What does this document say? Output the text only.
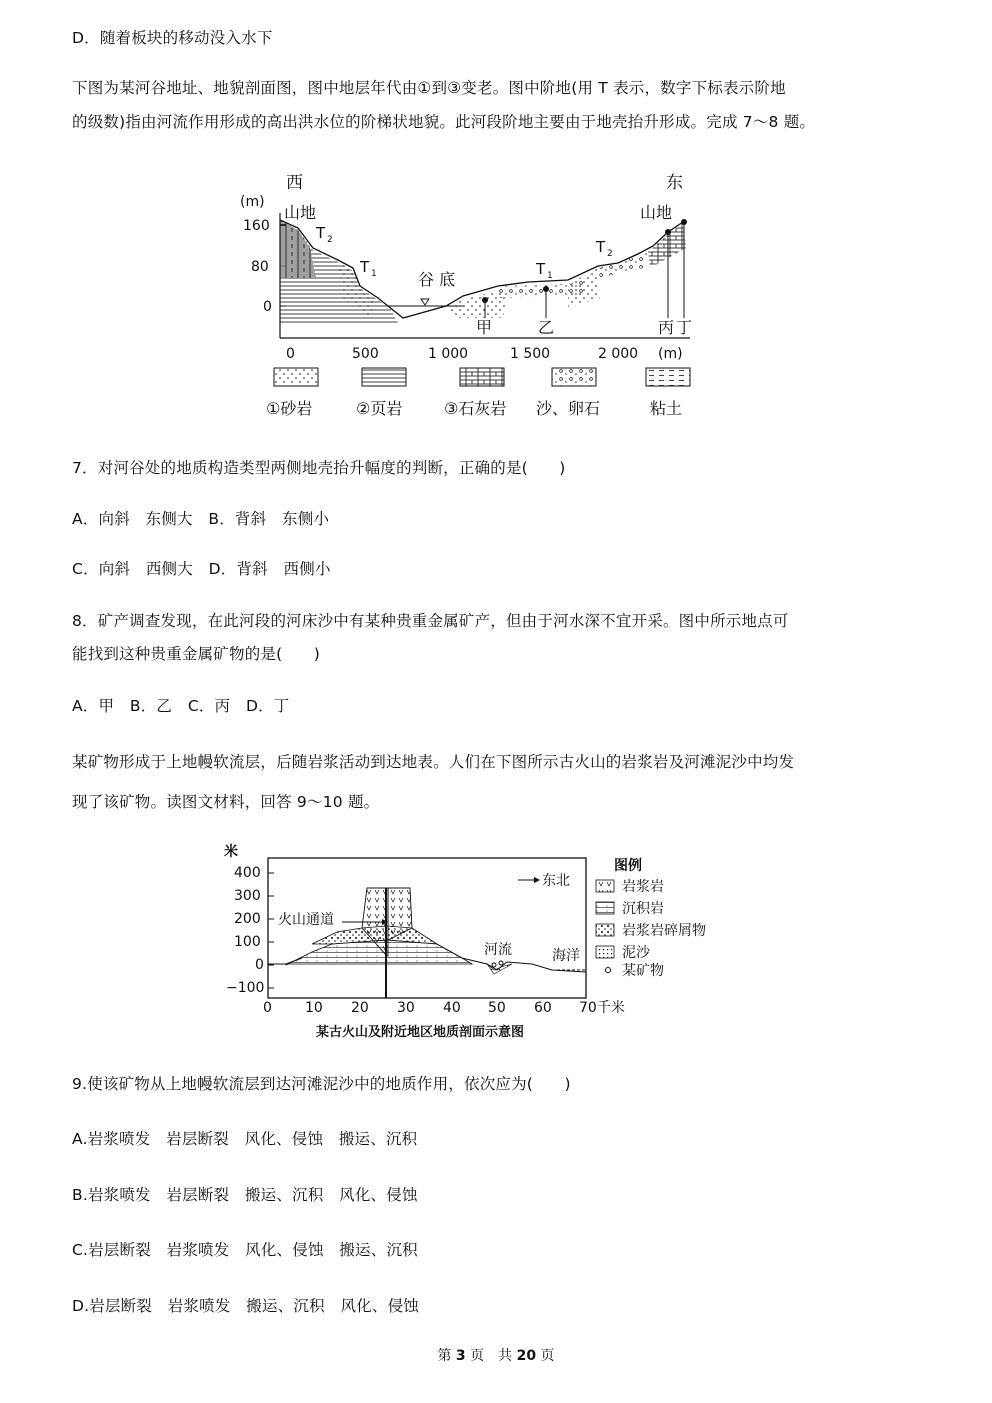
D．随着板块的移动没入水下
下图为某河谷地址、地貌剖面图，图中地层年代由①到③变老。图中阶地(用 T 表示，数字下标表示阶地
的级数)指由河流作用形成的高出洪水位的阶梯状地貌。此河段阶地主要由于地壳抬升形成。完成 7～8 题。
西	东
(m)
山地	山地
160
80
0
T 2
T 1	T 1
T 2
谷 底
甲	乙	丙 丁
0	500	1 000	1 500	2 000 (m)
①砂岩	②页岩	③石灰岩 沙、卵石	粘土
7．对河谷处的地质构造类型两侧地壳抬升幅度的判断，正确的是(　　)
A．向斜　东侧大　B．背斜　东侧小
C．向斜　西侧大　D．背斜　西侧小
8．矿产调查发现，在此河段的河床沙中有某种贵重金属矿产，但由于河水深不宜开采。图中所示地点可
能找到这种贵重金属矿物的是(　　)
A．甲　B．乙　C．丙　D．丁
某矿物形成于上地幔软流层，后随岩浆活动到达地表。人们在下图所示古火山的岩浆岩及河滩泥沙中均发
现了该矿物。读图文材料，回答 9～10 题。
米
400
300
200
100
0
−100
0 10 20 30 40 50 60 70千米
东北
火山通道
河流	海洋
图例
岩浆岩
沉积岩
岩浆岩碎屑物
泥沙
某矿物
某古火山及附近地区地质剖面示意图
9.使该矿物从上地幔软流层到达河滩泥沙中的地质作用，依次应为(　　)
A.岩浆喷发　岩层断裂　风化、侵蚀　搬运、沉积
B.岩浆喷发　岩层断裂　搬运、沉积　风化、侵蚀
C.岩层断裂　岩浆喷发　风化、侵蚀　搬运、沉积
D.岩层断裂　岩浆喷发　搬运、沉积　风化、侵蚀
第 3 页　共 20 页
